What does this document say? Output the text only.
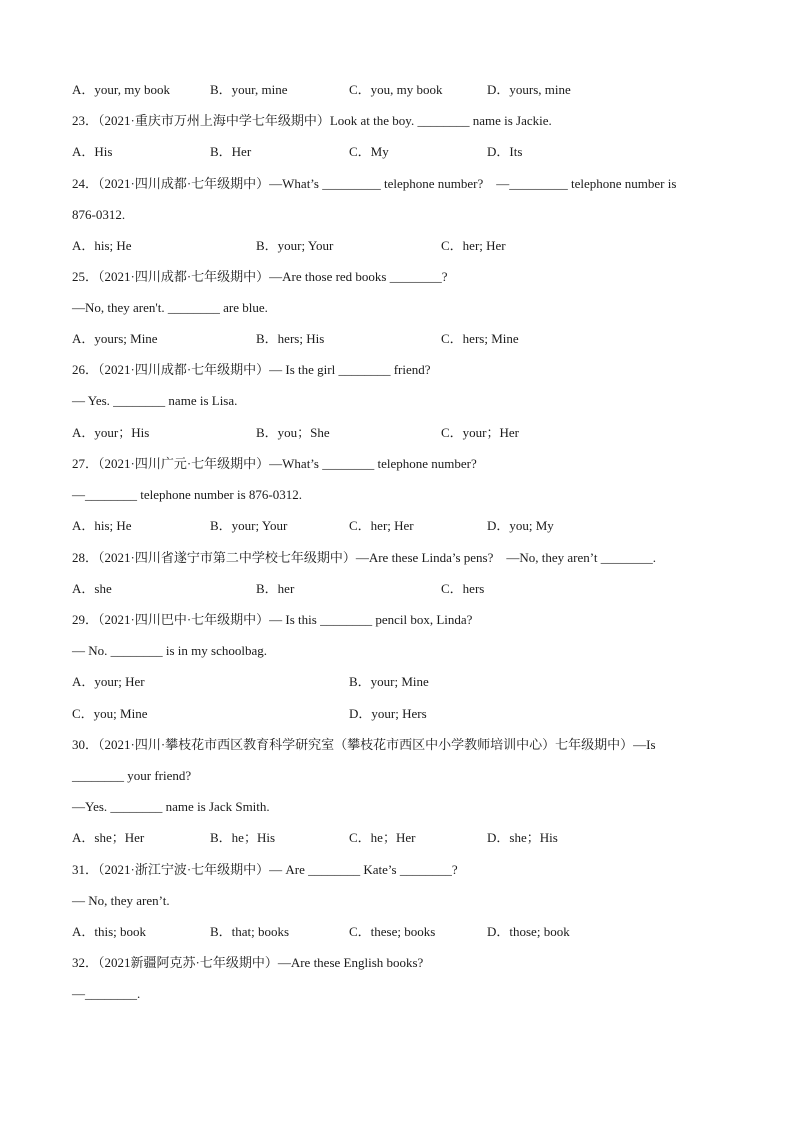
A．your, my book	B．your, mine	C．you, my book	D．yours, mine
23．（2021·重庆市万州上海中学七年级期中）Look at the boy. ________ name is Jackie.
A．His	B．Her	C．My	D．Its
24．（2021·四川成都·七年级期中）—What’s _________ telephone number?　—_________ telephone number is
876-0312.
A．his; He	B．your; Your	C．her; Her
25．（2021·四川成都·七年级期中）—Are those red books ________?
—No, they aren't. ________ are blue.
A．yours; Mine	B．hers; His	C．hers; Mine
26．（2021·四川成都·七年级期中）— Is the girl ________ friend?
— Yes. ________ name is Lisa.
A．your；His	B．you；She	C．your；Her
27．（2021·四川广元·七年级期中）—What’s ________ telephone number?
—________ telephone number is 876-0312.
A．his; He	B．your; Your	C．her; Her	D．you; My
28．（2021·四川省遂宁市第二中学校七年级期中）—Are these Linda’s pens?　—No, they aren’t ________.
A．she	B．her	C．hers
29．（2021·四川巴中·七年级期中）— Is this ________ pencil box, Linda?
— No. ________ is in my schoolbag.
A．your; Her	B．your; Mine
C．you; Mine	D．your; Hers
30．（2021·四川·攀枝花市西区教育科学研究室（攀枝花市西区中小学教师培训中心）七年级期中）—Is
________ your friend?
—Yes. ________ name is Jack Smith.
A．she；Her	B．he；His	C．he；Her	D．she；His
31．（2021·浙江宁波·七年级期中）— Are ________ Kate’s ________?
— No, they aren’t.
A．this; book	B．that; books	C．these; books	D．those; book
32．（2021新疆阿克苏·七年级期中）—Are these English books?
—________.
